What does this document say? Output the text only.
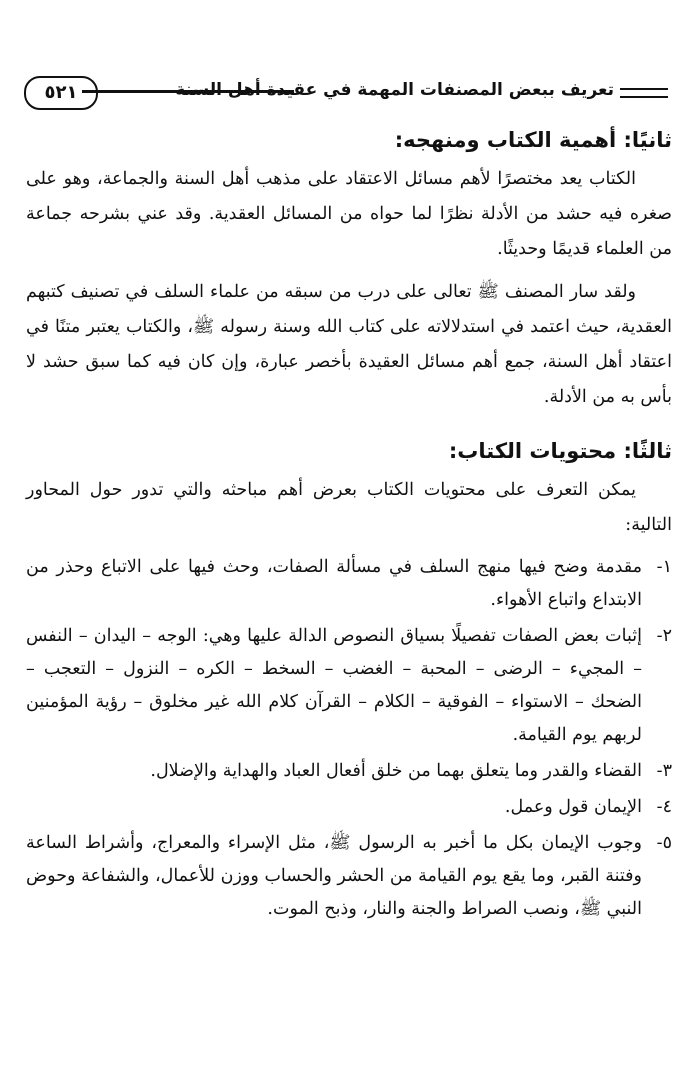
تعريف ببعض المصنفات المهمة في عقيدة أهل السنة
٥٢١
ثانيًا: أهمية الكتاب ومنهجه:

الكتاب يعد مختصرًا لأهم مسائل الاعتقاد على مذهب أهل السنة والجماعة، وهو على صغره فيه حشد من الأدلة نظرًا لما حواه من المسائل العقدية. وقد عني بشرحه جماعة من العلماء قديمًا وحديثًا.

ولقد سار المصنف ﷺ تعالى على درب من سبقه من علماء السلف في تصنيف كتبهم العقدية، حيث اعتمد في استدلالاته على كتاب الله وسنة رسوله ﷺ، والكتاب يعتبر متنًا في اعتقاد أهل السنة، جمع أهم مسائل العقيدة بأخصر عبارة، وإن كان فيه كما سبق حشد لا بأس به من الأدلة.

ثالثًا: محتويات الكتاب:

يمكن التعرف على محتويات الكتاب بعرض أهم مباحثه والتي تدور حول المحاور التالية:

١-
مقدمة وضح فيها منهج السلف في مسألة الصفات، وحث فيها على الاتباع وحذر من الابتداع واتباع الأهواء.
٢-
إثبات بعض الصفات تفصيلًا بسياق النصوص الدالة عليها وهي: الوجه – اليدان – النفس – المجيء – الرضى – المحبة – الغضب – السخط – الكره – النزول – التعجب – الضحك – الاستواء – الفوقية – الكلام – القرآن كلام الله غير مخلوق – رؤية المؤمنين لربهم يوم القيامة.
٣-
القضاء والقدر وما يتعلق بهما من خلق أفعال العباد والهداية والإضلال.
٤-
الإيمان قول وعمل.
٥-
وجوب الإيمان بكل ما أخبر به الرسول ﷺ، مثل الإسراء والمعراج، وأشراط الساعة وفتنة القبر، وما يقع يوم القيامة من الحشر والحساب ووزن للأعمال، والشفاعة وحوض النبي ﷺ، ونصب الصراط والجنة والنار، وذبح الموت.
